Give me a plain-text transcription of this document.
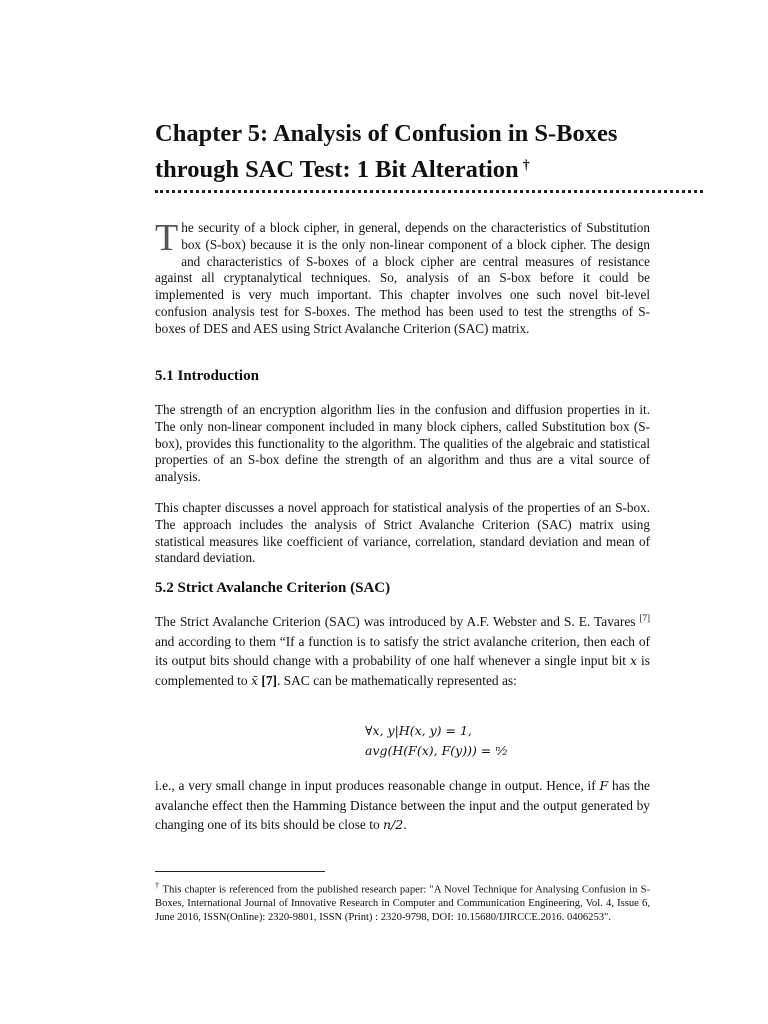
Chapter 5: Analysis of Confusion in S-Boxes
through SAC Test: 1 Bit Alteration †

The security of a block cipher, in general, depends on the characteristics of Substitution box (S-box) because it is the only non-linear component of a block cipher. The design and characteristics of S-boxes of a block cipher are central measures of resistance against all cryptanalytical techniques. So, analysis of an S-box before it could be implemented is very much important. This chapter involves one such novel bit-level confusion analysis test for S-boxes. The method has been used to test the strengths of S-boxes of DES and AES using Strict Avalanche Criterion (SAC) matrix.

5.1 Introduction

The strength of an encryption algorithm lies in the confusion and diffusion properties in it. The only non-linear component included in many block ciphers, called Substitution box (S-box), provides this functionality to the algorithm. The qualities of the algebraic and statistical properties of an S-box define the strength of an algorithm and thus are a vital source of analysis.

This chapter discusses a novel approach for statistical analysis of the properties of an S-box. The approach includes the analysis of Strict Avalanche Criterion (SAC) matrix using statistical measures like coefficient of variance, correlation, standard deviation and mean of standard deviation.

5.2 Strict Avalanche Criterion (SAC)

The Strict Avalanche Criterion (SAC) was introduced by A.F. Webster and S. E. Tavares [7] and according to them “If a function is to satisfy the strict avalanche criterion, then each of its output bits should change with a probability of one half whenever a single input bit x is complemented to x̄ [7]. SAC can be mathematically represented as:

∀x, y|H(x, y) = 1,
avg(H(F(x), F(y))) = ⁿ⁄₂

i.e., a very small change in input produces reasonable change in output. Hence, if F has the avalanche effect then the Hamming Distance between the input and the output generated by changing one of its bits should be close to n/2.

† This chapter is referenced from the published research paper: "A Novel Technique for Analysing Confusion in S-Boxes, International Journal of Innovative Research in Computer and Communication Engineering, Vol. 4, Issue 6, June 2016, ISSN(Online): 2320-9801, ISSN (Print) : 2320-9798, DOI: 10.15680/IJIRCCE.2016. 0406253".
